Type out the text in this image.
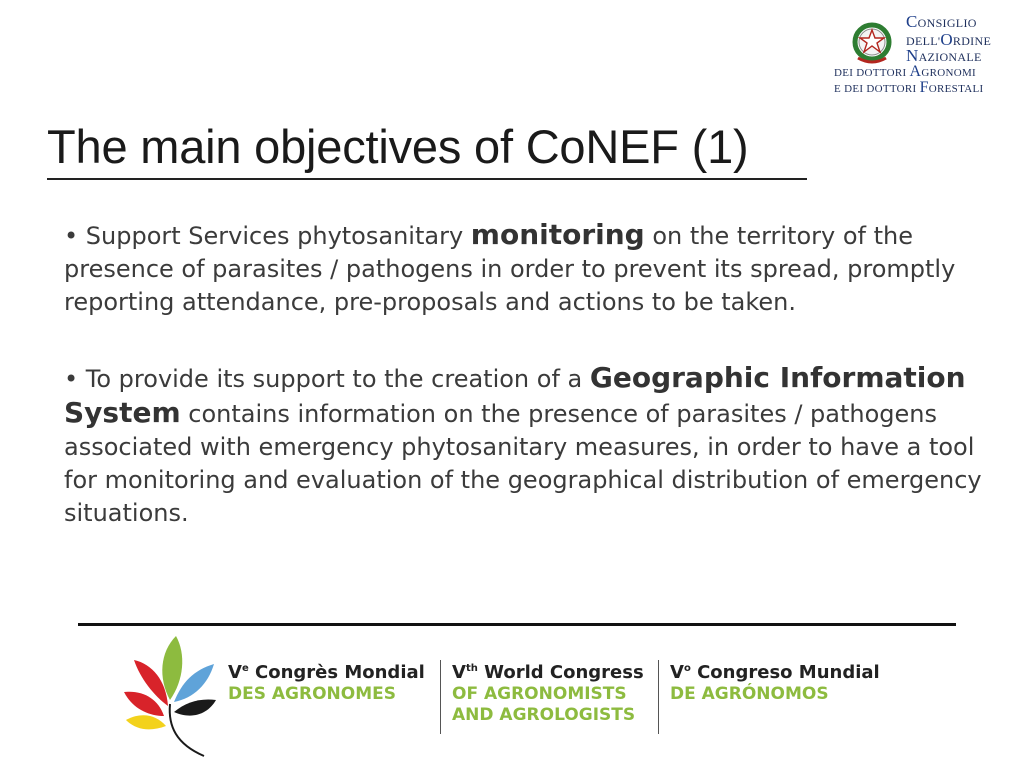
CONSIGLIO
DELL'ORDINE
NAZIONALE
DEI DOTTORI AGRONOMI
E DEI DOTTORI FORESTALI
The main objectives of CoNEF (1)

• Support Services phytosanitary monitoring on the territory of the presence of parasites / pathogens in order to prevent its spread, promptly reporting attendance, pre-proposals and actions to be taken.

• To provide its support to the creation of a Geographic Information System contains information on the presence of parasites / pathogens associated with emergency phytosanitary measures, in order to have a tool for monitoring and evaluation of the geographical distribution of emergency situations.

Ve Congrès Mondial
DES AGRONOMES
Vth World Congress
OF AGRONOMISTS
AND AGROLOGISTS
$V^o$ Congreso Mundial
DE AGRÓNOMOS
